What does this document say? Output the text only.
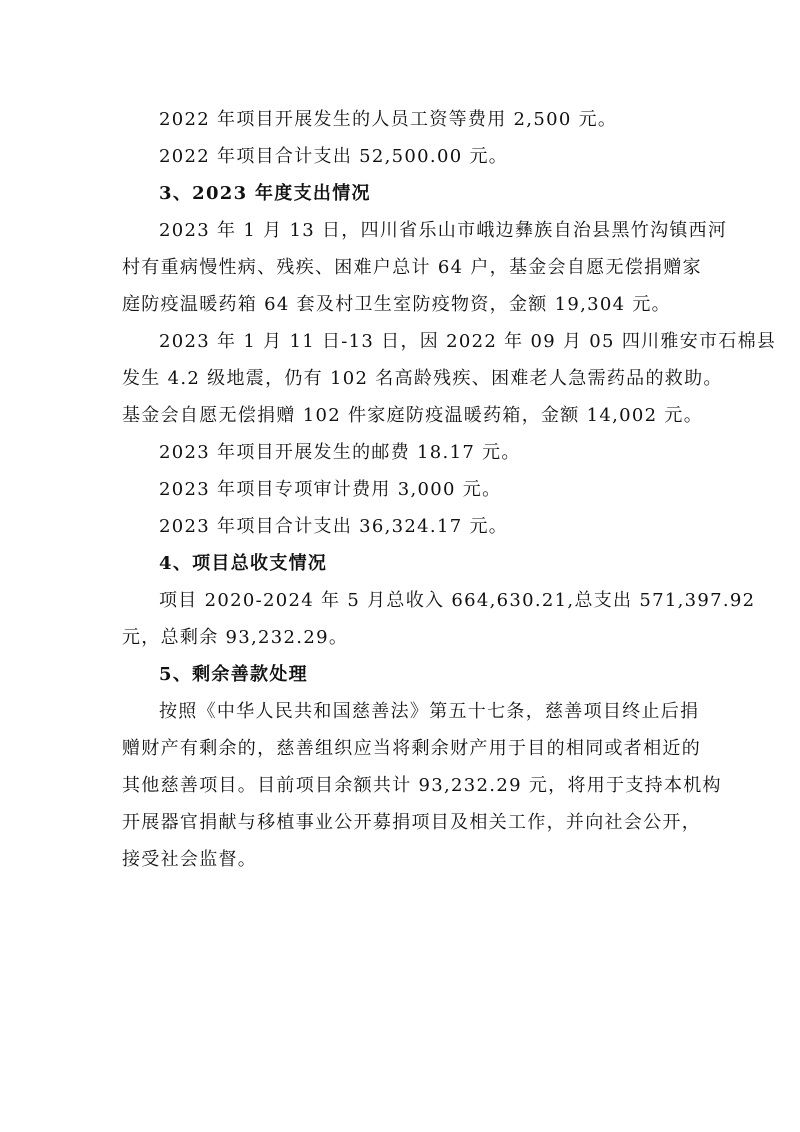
2022 年项目开展发生的人员工资等费用 2,500 元。

2022 年项目合计支出 52,500.00 元。

3、2023 年度支出情况

2023 年 1 月 13 日，四川省乐山市峨边彝族自治县黑竹沟镇西河

村有重病慢性病、残疾、困难户总计 64 户，基金会自愿无偿捐赠家

庭防疫温暖药箱 64 套及村卫生室防疫物资，金额 19,304 元。

2023 年 1 月 11 日-13 日，因 2022 年 09 月 05 四川雅安市石棉县

发生 4.2 级地震，仍有 102 名高龄残疾、困难老人急需药品的救助。

基金会自愿无偿捐赠 102 件家庭防疫温暖药箱，金额 14,002 元。

2023 年项目开展发生的邮费 18.17 元。

2023 年项目专项审计费用 3,000 元。

2023 年项目合计支出 36,324.17 元。

4、项目总收支情况

项目 2020-2024 年 5 月总收入 664,630.21,总支出 571,397.92

元，总剩余 93,232.29。

5、剩余善款处理

按照《中华人民共和国慈善法》第五十七条，慈善项目终止后捐

赠财产有剩余的，慈善组织应当将剩余财产用于目的相同或者相近的

其他慈善项目。目前项目余额共计 93,232.29 元，将用于支持本机构

开展器官捐献与移植事业公开募捐项目及相关工作，并向社会公开，

接受社会监督。
